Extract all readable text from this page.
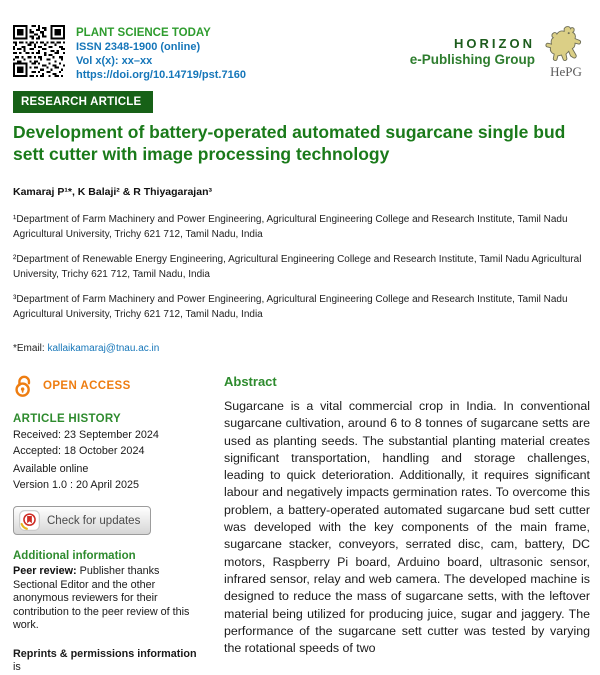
PLANT SCIENCE TODAY
ISSN 2348-1900 (online)
Vol x(x): xx–xx
https://doi.org/10.14719/pst.7160
HORIZON
e-Publishing Group
HePG
RESEARCH ARTICLE
Development of battery-operated automated sugarcane single bud sett cutter with image processing technology
Kamaraj P¹*, K Balaji² & R Thiyagarajan³
¹Department of Farm Machinery and Power Engineering, Agricultural Engineering College and Research Institute, Tamil Nadu Agricultural University, Trichy 621 712, Tamil Nadu, India
²Department of Renewable Energy Engineering, Agricultural Engineering College and Research Institute, Tamil Nadu Agricultural University, Trichy 621 712, Tamil Nadu, India
³Department of Farm Machinery and Power Engineering, Agricultural Engineering College and Research Institute, Tamil Nadu Agricultural University, Trichy 621 712, Tamil Nadu, India
*Email: kallaikamaraj@tnau.ac.in
OPEN ACCESS
ARTICLE HISTORY
Received: 23 September 2024
Accepted: 18 October 2024
Available online
Version 1.0 : 20 April 2025
Check for updates
Additional information
Peer review: Publisher thanks Sectional Editor and the other anonymous reviewers for their contribution to the peer review of this work.
Reprints & permissions information is
Abstract
Sugarcane is a vital commercial crop in India. In conventional sugarcane cultivation, around 6 to 8 tonnes of sugarcane setts are used as planting seeds. The substantial planting material creates significant transportation, handling and storage challenges, leading to quick deterioration. Additionally, it requires significant labour and negatively impacts germination rates. To overcome this problem, a battery-operated automated sugarcane bud sett cutter was developed with the key components of the main frame, sugarcane stacker, conveyors, serrated disc, cam, battery, DC motors, Raspberry Pi board, Arduino board, ultrasonic sensor, infrared sensor, relay and web camera. The developed machine is designed to reduce the mass of sugarcane setts, with the leftover material being utilized for producing juice, sugar and jaggery. The performance of the sugarcane sett cutter was tested by varying the rotational speeds of two
